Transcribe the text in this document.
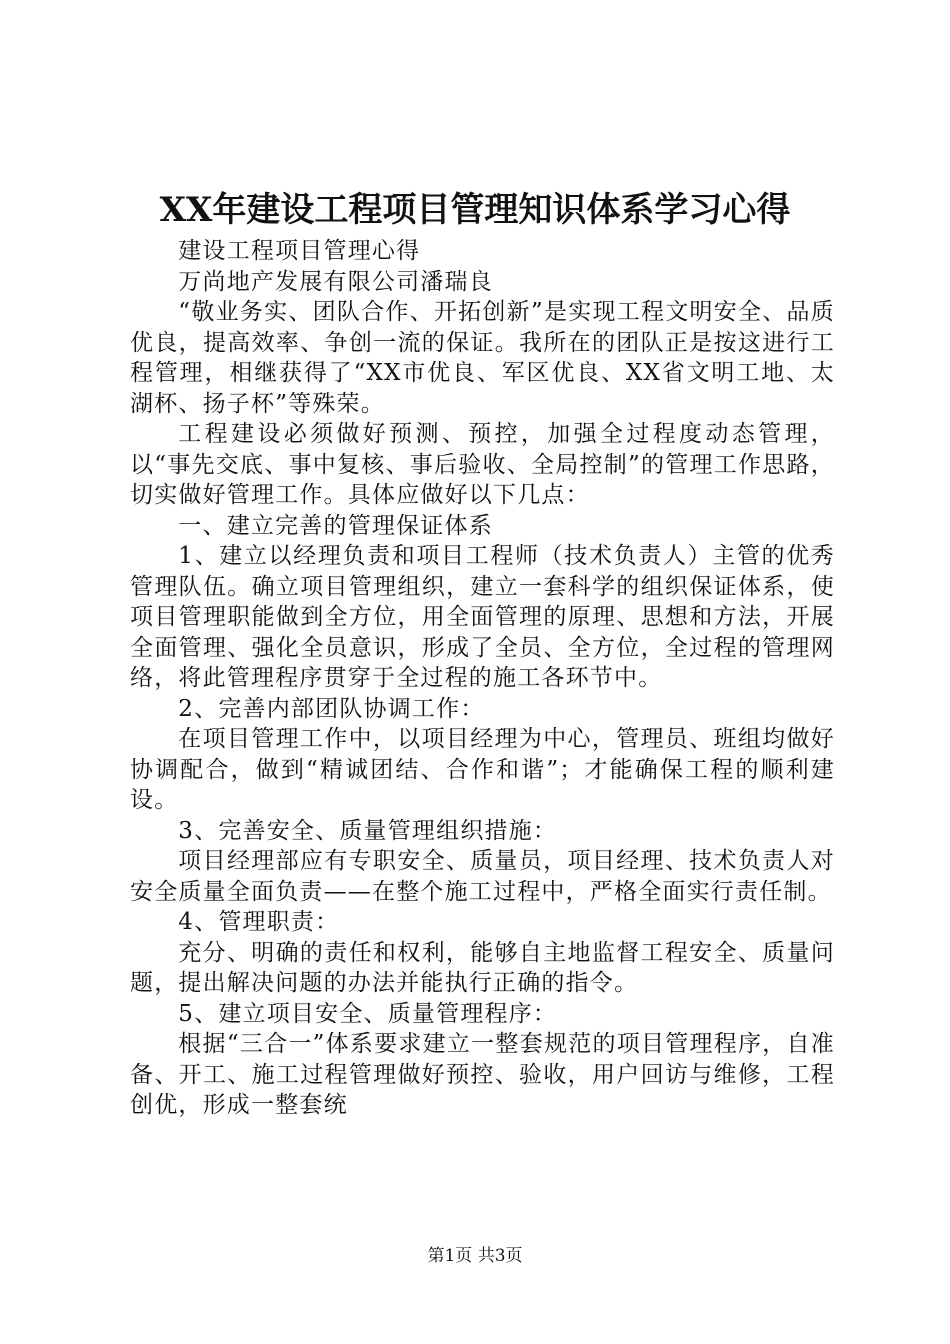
XX年建设工程项目管理知识体系学习心得

建设工程项目管理心得

万尚地产发展有限公司潘瑞良

“敬业务实、团队合作、开拓创新”是实现工程文明安全、品质优良，提高效率、争创一流的保证。我所在的团队正是按这进行工程管理，相继获得了“XX市优良、军区优良、XX省文明工地、太湖杯、扬子杯”等殊荣。

工程建设必须做好预测、预控，加强全过程度动态管理，以“事先交底、事中复核、事后验收、全局控制”的管理工作思路，切实做好管理工作。具体应做好以下几点：

一、建立完善的管理保证体系

1、建立以经理负责和项目工程师（技术负责人）主管的优秀管理队伍。确立项目管理组织，建立一套科学的组织保证体系，使项目管理职能做到全方位，用全面管理的原理、思想和方法，开展全面管理、强化全员意识，形成了全员、全方位，全过程的管理网络，将此管理程序贯穿于全过程的施工各环节中。

2、完善内部团队协调工作：

在项目管理工作中，以项目经理为中心，管理员、班组均做好协调配合，做到“精诚团结、合作和谐”；才能确保工程的顺利建设。

3、完善安全、质量管理组织措施：

项目经理部应有专职安全、质量员，项目经理、技术负责人对安全质量全面负责——在整个施工过程中，严格全面实行责任制。

4、管理职责：

充分、明确的责任和权利，能够自主地监督工程安全、质量问题，提出解决问题的办法并能执行正确的指令。

5、建立项目安全、质量管理程序：

根据“三合一”体系要求建立一整套规范的项目管理程序，自准备、开工、施工过程管理做好预控、验收，用户回访与维修，工程创优，形成一整套统

第1页 共3页
